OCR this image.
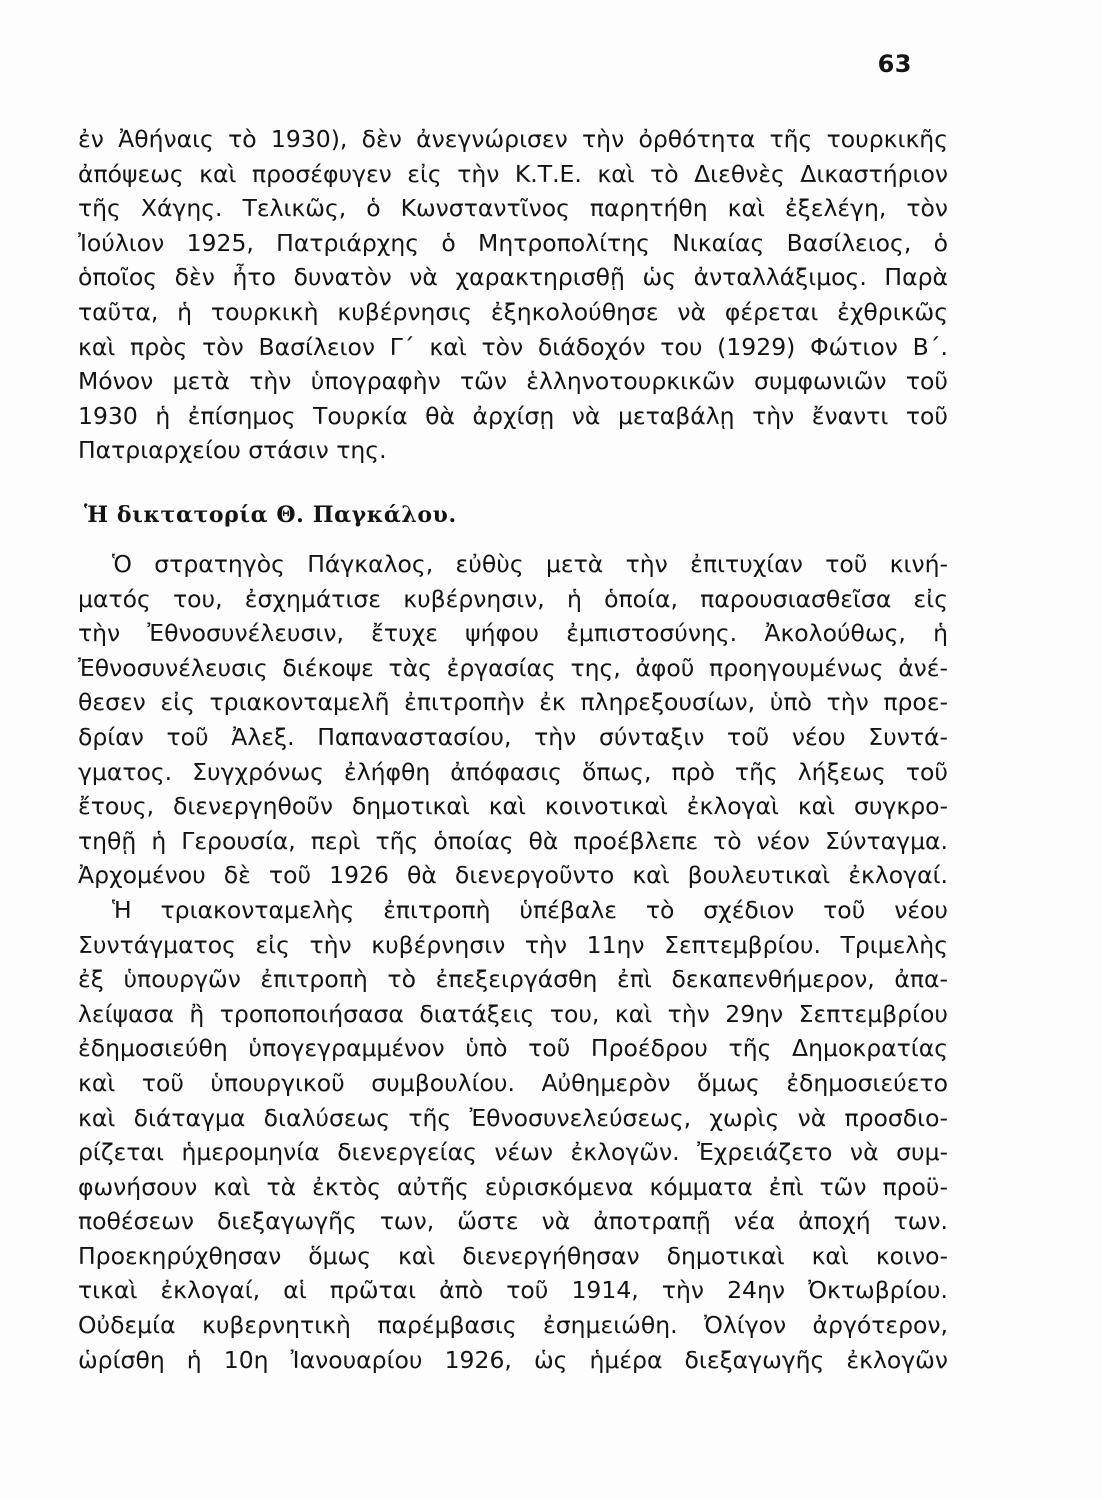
63
ἐν Ἀθήναις τὸ 1930), δὲν ἀνεγνώρισεν τὴν ὀρθότητα τῆς τουρκικῆς
ἀπόψεως καὶ προσέφυγεν εἰς τὴν Κ.Τ.Ε. καὶ τὸ Διεθνὲς Δικαστήριον
τῆς Χάγης. Τελικῶς, ὁ Κωνσταντῖνος παρητήθη καὶ ἐξελέγη, τὸν
Ἰούλιον 1925, Πατριάρχης ὁ Μητροπολίτης Νικαίας Βασίλειος, ὁ
ὁποῖος δὲν ἦτο δυνατὸν νὰ χαρακτηρισθῇ ὡς ἀνταλλάξιμος. Παρὰ
ταῦτα, ἡ τουρκικὴ κυβέρνησις ἐξηκολούθησε νὰ φέρεται ἐχθρικῶς
καὶ πρὸς τὸν Βασίλειον Γ΄ καὶ τὸν διάδοχόν του (1929) Φώτιον Β΄.
Μόνον μετὰ τὴν ὑπογραφὴν τῶν ἑλληνοτουρκικῶν συμφωνιῶν τοῦ
1930 ἡ ἐπίσημος Τουρκία θὰ ἀρχίσῃ νὰ μεταβάλῃ τὴν ἔναντι τοῦ
Πατριαρχείου στάσιν της.
Ἡ δικτατορία Θ. Παγκάλου.
Ὁ στρατηγὸς Πάγκαλος, εὐθὺς μετὰ τὴν ἐπιτυχίαν τοῦ κινή-
ματός του, ἐσχημάτισε κυβέρνησιν, ἡ ὁποία, παρουσιασθεῖσα εἰς
τὴν Ἐθνοσυνέλευσιν, ἔτυχε ψήφου ἐμπιστοσύνης. Ἀκολούθως, ἡ
Ἐθνοσυνέλευσις διέκοψε τὰς ἐργασίας της, ἀφοῦ προηγουμένως ἀνέ-
θεσεν εἰς τριακονταμελῆ ἐπιτροπὴν ἐκ πληρεξουσίων, ὑπὸ τὴν προε-
δρίαν τοῦ Ἀλεξ. Παπαναστασίου, τὴν σύνταξιν τοῦ νέου Συντά-
γματος. Συγχρόνως ἐλήφθη ἀπόφασις ὅπως, πρὸ τῆς λήξεως τοῦ
ἔτους, διενεργηθοῦν δημοτικαὶ καὶ κοινοτικαὶ ἐκλογαὶ καὶ συγκρο-
τηθῇ ἡ Γερουσία, περὶ τῆς ὁποίας θὰ προέβλεπε τὸ νέον Σύνταγμα.
Ἀρχομένου δὲ τοῦ 1926 θὰ διενεργοῦντο καὶ βουλευτικαὶ ἐκλογαί.
Ἡ τριακονταμελὴς ἐπιτροπὴ ὑπέβαλε τὸ σχέδιον τοῦ νέου
Συντάγματος εἰς τὴν κυβέρνησιν τὴν 11ην Σεπτεμβρίου. Τριμελὴς
ἐξ ὑπουργῶν ἐπιτροπὴ τὸ ἐπεξειργάσθη ἐπὶ δεκαπενθήμερον, ἀπα-
λείψασα ἢ τροποποιήσασα διατάξεις του, καὶ τὴν 29ην Σεπτεμβρίου
ἐδημοσιεύθη ὑπογεγραμμένον ὑπὸ τοῦ Προέδρου τῆς Δημοκρατίας
καὶ τοῦ ὑπουργικοῦ συμβουλίου. Αὐθημερὸν ὅμως ἐδημοσιεύετο
καὶ διάταγμα διαλύσεως τῆς Ἐθνοσυνελεύσεως, χωρὶς νὰ προσδιο-
ρίζεται ἡμερομηνία διενεργείας νέων ἐκλογῶν. Ἐχρειάζετο νὰ συμ-
φωνήσουν καὶ τὰ ἐκτὸς αὐτῆς εὑρισκόμενα κόμματα ἐπὶ τῶν προϋ-
ποθέσεων διεξαγωγῆς των, ὥστε νὰ ἀποτραπῇ νέα ἀποχή των.
Προεκηρύχθησαν ὅμως καὶ διενεργήθησαν δημοτικαὶ καὶ κοινο-
τικαὶ ἐκλογαί, αἱ πρῶται ἀπὸ τοῦ 1914, τὴν 24ην Ὀκτωβρίου.
Οὐδεμία κυβερνητικὴ παρέμβασις ἐσημειώθη. Ὀλίγον ἀργότερον,
ὡρίσθη ἡ 10η Ἰανουαρίου 1926, ὡς ἡμέρα διεξαγωγῆς ἐκλογῶν
